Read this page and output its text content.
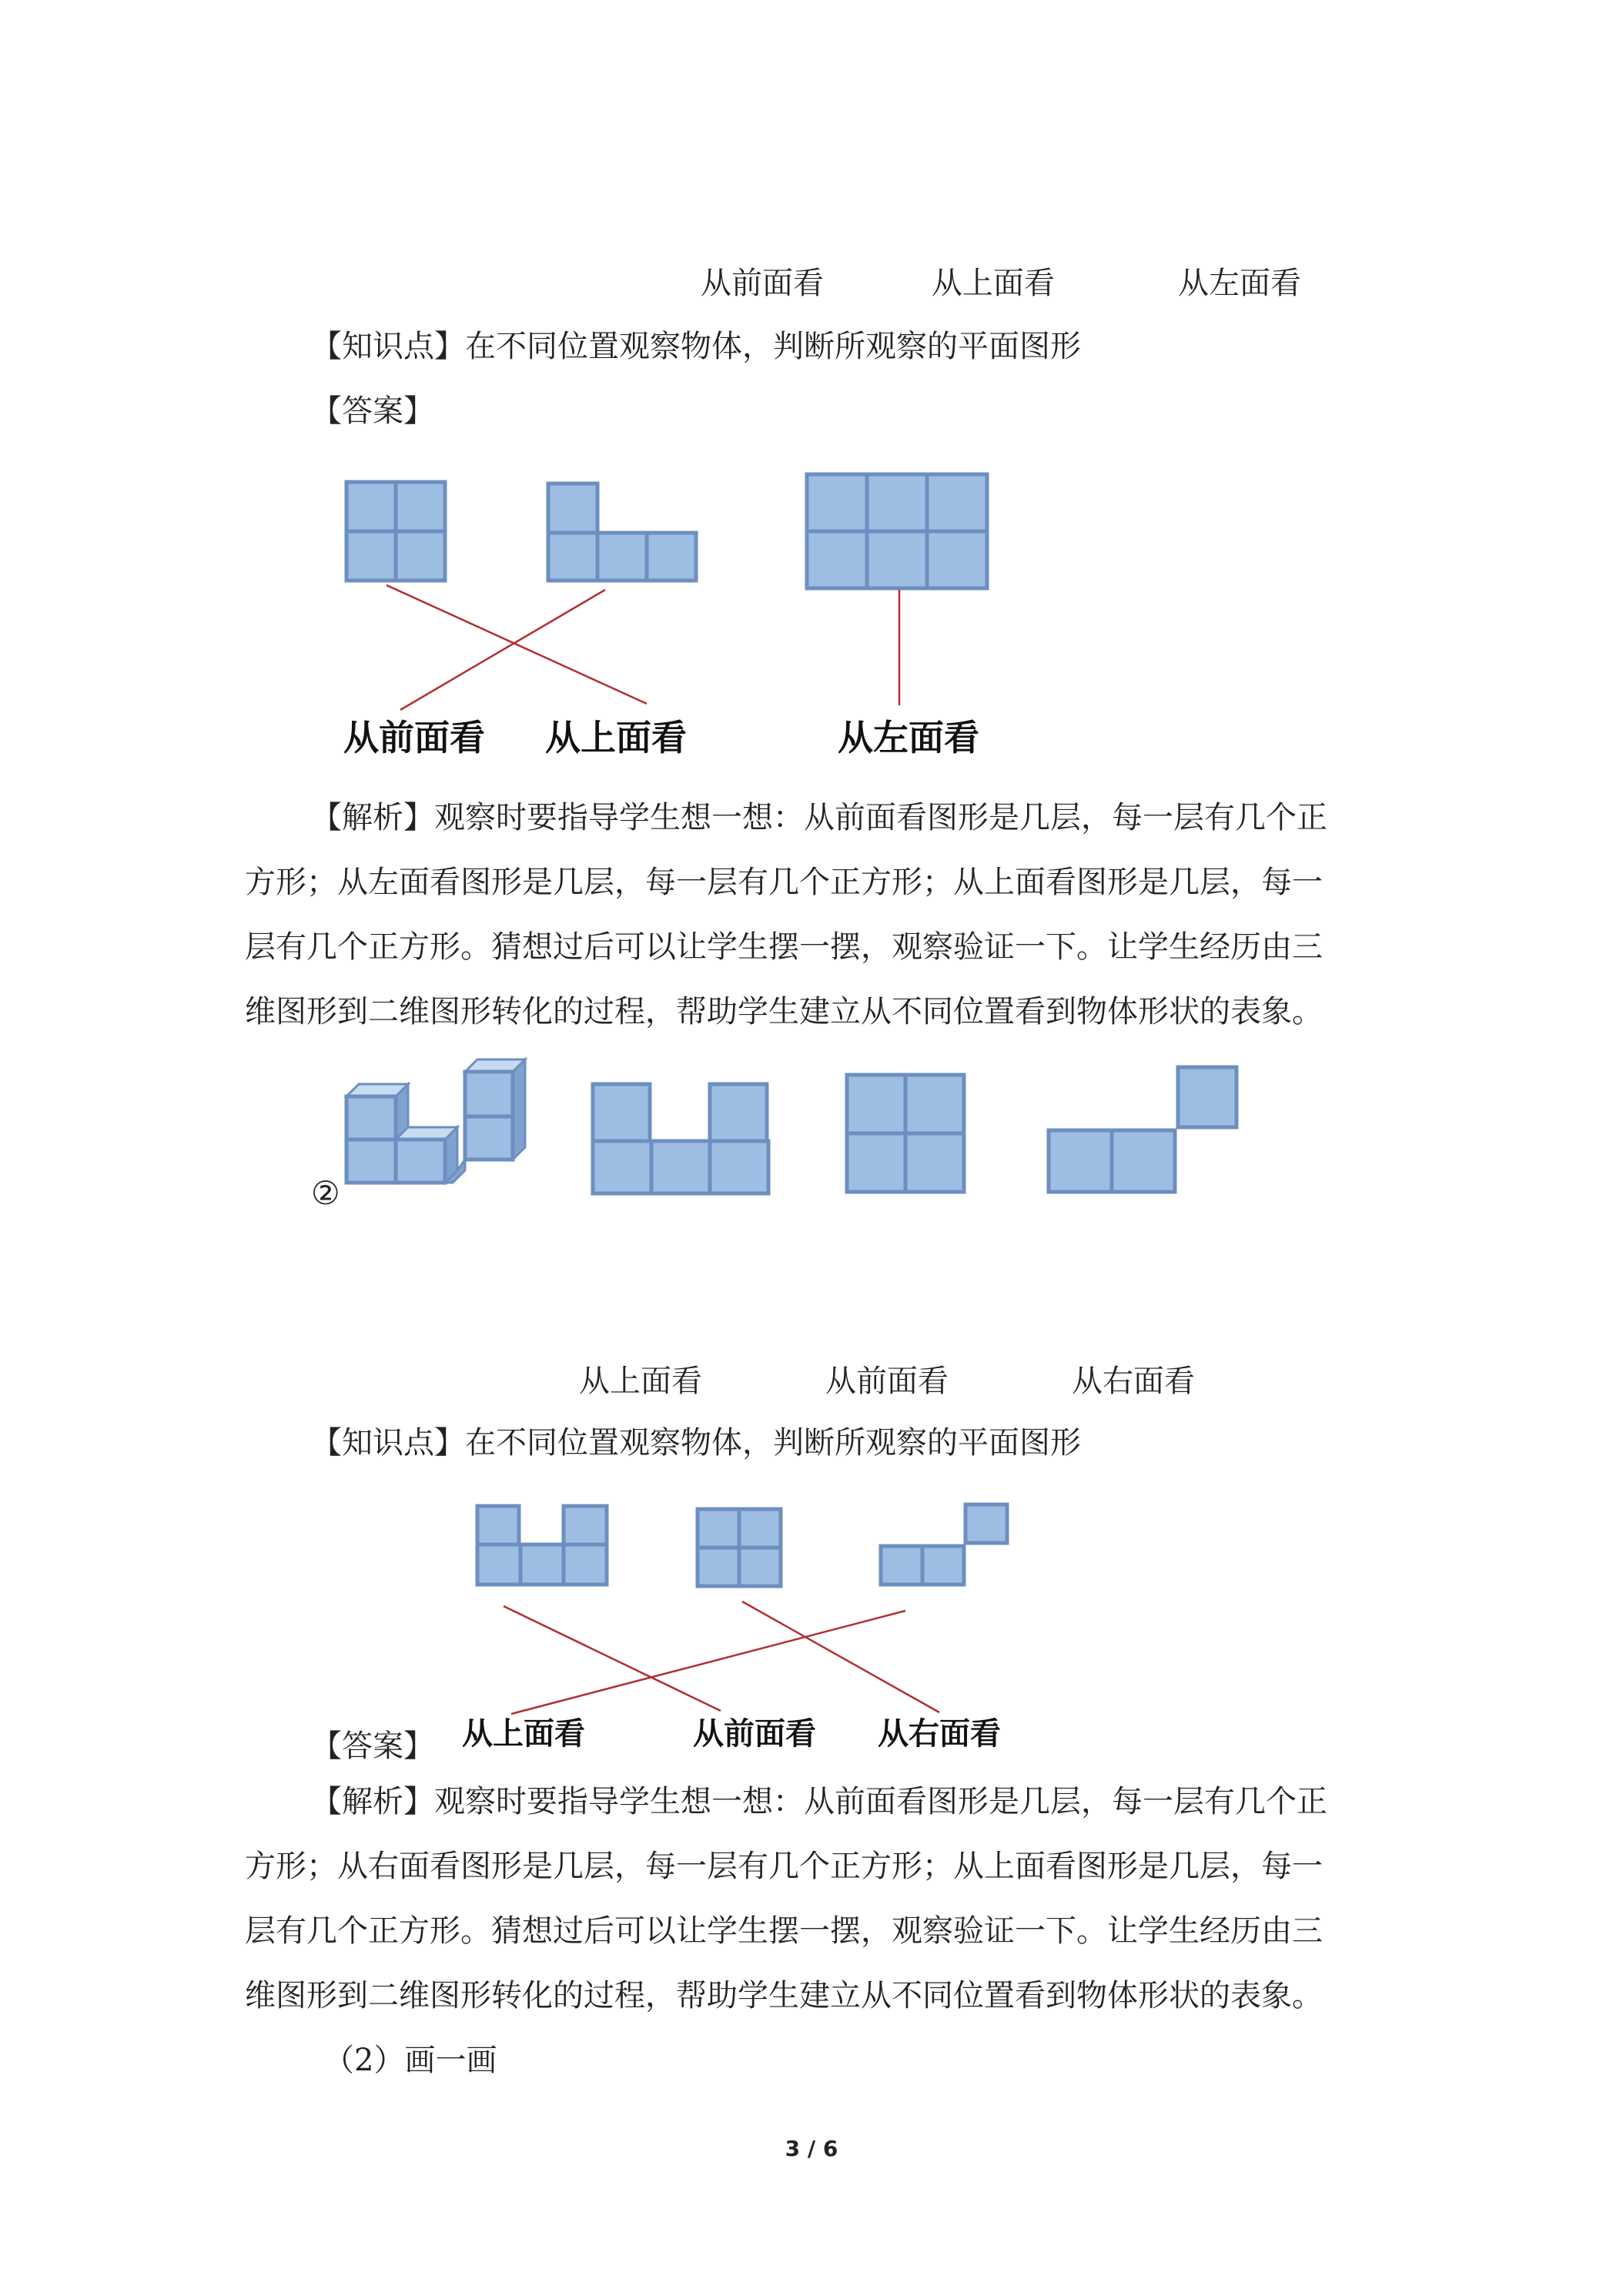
从前面看	从上面看	从左面看
【知识点】在不同位置观察物体，判断所观察的平面图形
【答案】
从前面看 从上面看	从左面看
【解析】观察时要指导学生想一想：从前面看图形是几层，每一层有几个正
方形；从左面看图形是几层，每一层有几个正方形；从上面看图形是几层，每一
层有几个正方形。猜想过后可以让学生摆一摆，观察验证一下。让学生经历由三
维图形到二维图形转化的过程，帮助学生建立从不同位置看到物体形状的表象。
②
从上面看	从前面看	从右面看
【知识点】在不同位置观察物体，判断所观察的平面图形
从上面看	从前面看 从右面看
【答案】
【解析】观察时要指导学生想一想：从前面看图形是几层，每一层有几个正
方形；从右面看图形是几层，每一层有几个正方形；从上面看图形是几层，每一
层有几个正方形。猜想过后可以让学生摆一摆，观察验证一下。让学生经历由三
维图形到二维图形转化的过程，帮助学生建立从不同位置看到物体形状的表象。
（2）画一画
3 / 6
